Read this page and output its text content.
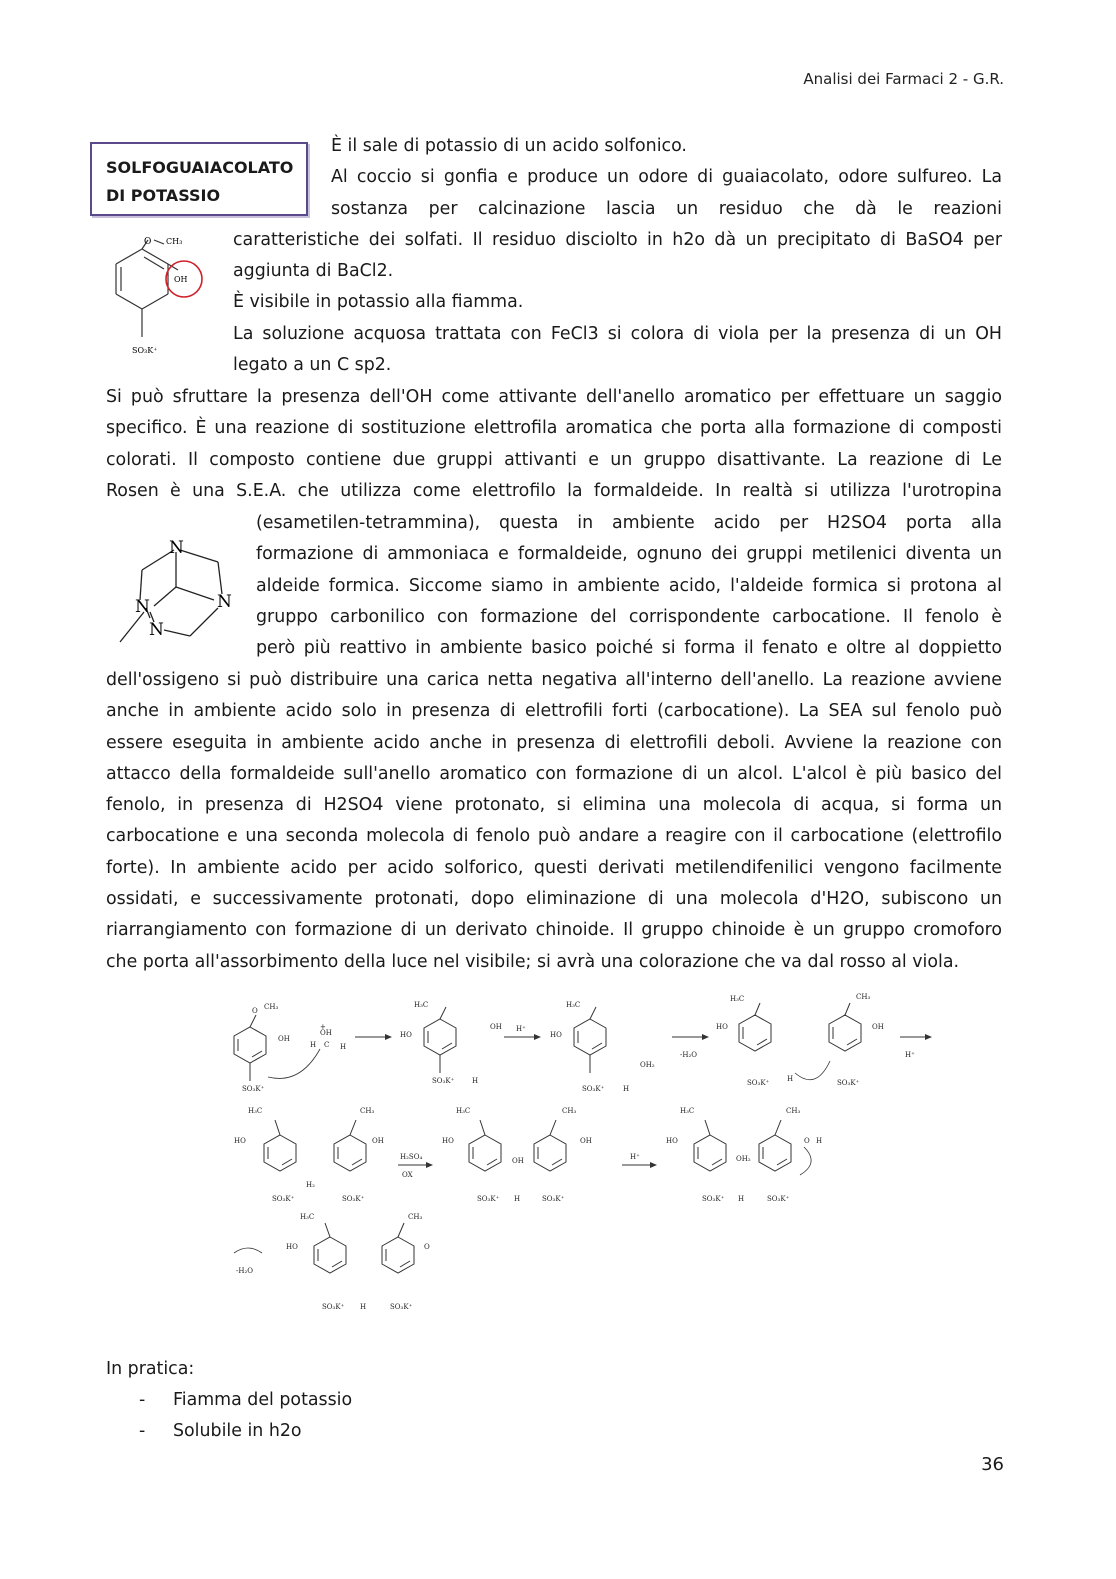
Analisi dei Farmaci 2 - G.R.
SOLFOGUAIACOLATO
DI POTASSIO
È il sale di potassio di un acido solfonico.
Al coccio si gonfia e produce un odore di guaiacolato, odore sulfureo. La
sostanza per calcinazione lascia un residuo che dà le reazioni
caratteristiche dei solfati. Il residuo disciolto in h2o dà un precipitato di BaSO4 per
aggiunta di BaCl2.
È visibile in potassio alla fiamma.
La soluzione acquosa trattata con FeCl3 si colora di viola per la presenza di un OH
legato a un C sp2.
O CH₃
OH
SO₃K⁺
Si può sfruttare la presenza dell'OH come attivante dell'anello aromatico per effettuare un saggio
specifico. È una reazione di sostituzione elettrofila aromatica che porta alla formazione di composti
colorati. Il composto contiene due gruppi attivanti e un gruppo disattivante. La reazione di Le
Rosen è una S.E.A. che utilizza come elettrofilo la formaldeide. In realtà si utilizza l'urotropina
N
N	N
N
(esametilen-tetrammina), questa in ambiente acido per H2SO4 porta alla
formazione di ammoniaca e formaldeide, ognuno dei gruppi metilenici diventa un
aldeide formica. Siccome siamo in ambiente acido, l'aldeide formica si protona al
gruppo carbonilico con formazione del corrispondente carbocatione. Il fenolo è
però più reattivo in ambiente basico poiché si forma il fenato e oltre al doppietto
dell'ossigeno si può distribuire una carica netta negativa all'interno dell'anello. La reazione avviene
anche in ambiente acido solo in presenza di elettrofili forti (carbocatione). La SEA sul fenolo può
essere eseguita in ambiente acido anche in presenza di elettrofili deboli. Avviene la reazione con
attacco della formaldeide sull'anello aromatico con formazione di un alcol. L'alcol è più basico del
fenolo, in presenza di H2SO4 viene protonato, si elimina una molecola di acqua, si forma un
carbocatione e una seconda molecola di fenolo può andare a reagire con il carbocatione (elettrofilo
forte). In ambiente acido per acido solforico, questi derivati metilendifenilici vengono facilmente
ossidati, e successivamente protonati, dopo eliminazione di una molecola d'H2O, subiscono un
riarrangiamento con formazione di un derivato chinoide. Il gruppo chinoide è un gruppo cromoforo
che porta all'assorbimento della luce nel visibile; si avrà una colorazione che va dal rosso al viola.
O CH₃
OH
SO₃K⁺
OH
H C H
+
H₃C
HO
OH
SO₃K⁺	H
H⁺
H₃C
HO
OH₂
SO₃K⁺	H
-H₂O
H₃C	CH₃
HO	OH
SO₃K⁺	SO₃K⁺
H
H⁺
H₃C	CH₃
HO	OH
SO₃K⁺	SO₃K⁺
H₂
H₂SO₄
OX
H₃C	CH₃
HO	OH
OH
SO₃K⁺	SO₃K⁺
H
H⁺
H₃C	CH₃
HO	O H
OH₂
SO₃K⁺	SO₃K⁺
H
-H₂O
H₃C	CH₃
HO	O
SO₃K⁺	SO₃K⁺
H
In pratica:
- Fiamma del potassio
- Solubile in h2o
36
